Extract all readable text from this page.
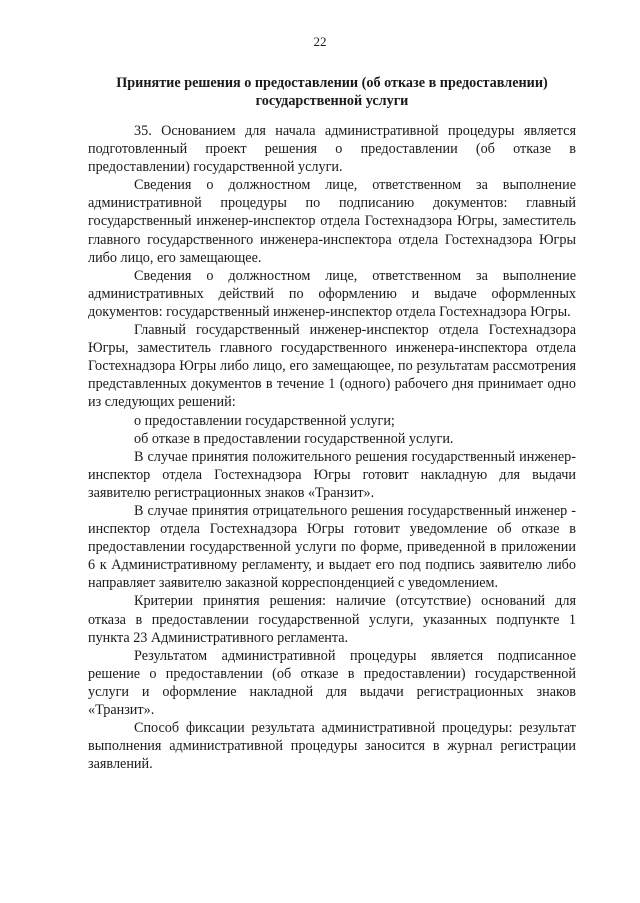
22
Принятие решения о предоставлении (об отказе в предоставлении) государственной услуги

35. Основанием для начала административной процедуры является подготовленный проект решения о предоставлении (об отказе в предоставлении) государственной услуги.

Сведения о должностном лице, ответственном за выполнение административной процедуры по подписанию документов: главный государственный инженер-инспектор отдела Гостехнадзора Югры, заместитель главного государственного инженера-инспектора отдела Гостехнадзора Югры либо лицо, его замещающее.

Сведения о должностном лице, ответственном за выполнение административных действий по оформлению и выдаче оформленных документов: государственный инженер-инспектор отдела Гостехнадзора Югры.

Главный государственный инженер-инспектор отдела Гостехнадзора Югры, заместитель главного государственного инженера-инспектора отдела Гостехнадзора Югры либо лицо, его замещающее, по результатам рассмотрения представленных документов в течение 1 (одного) рабочего дня принимает одно из следующих решений:

о предоставлении государственной услуги;

об отказе в предоставлении государственной услуги.

В случае принятия положительного решения государственный инженер-инспектор отдела Гостехнадзора Югры готовит накладную для выдачи заявителю регистрационных знаков «Транзит».

В случае принятия отрицательного решения государственный инженер - инспектор отдела Гостехнадзора Югры готовит уведомление об отказе в предоставлении государственной услуги по форме, приведенной в приложении 6 к Административному регламенту, и выдает его под подпись заявителю либо направляет заявителю заказной корреспонденцией с уведомлением.

Критерии принятия решения: наличие (отсутствие) оснований для отказа в предоставлении государственной услуги, указанных подпункте 1 пункта 23 Административного регламента.

Результатом административной процедуры является подписанное решение о предоставлении (об отказе в предоставлении) государственной услуги и оформление накладной для выдачи регистрационных знаков «Транзит».

Способ фиксации результата административной процедуры: результат выполнения административной процедуры заносится в журнал регистрации заявлений.
